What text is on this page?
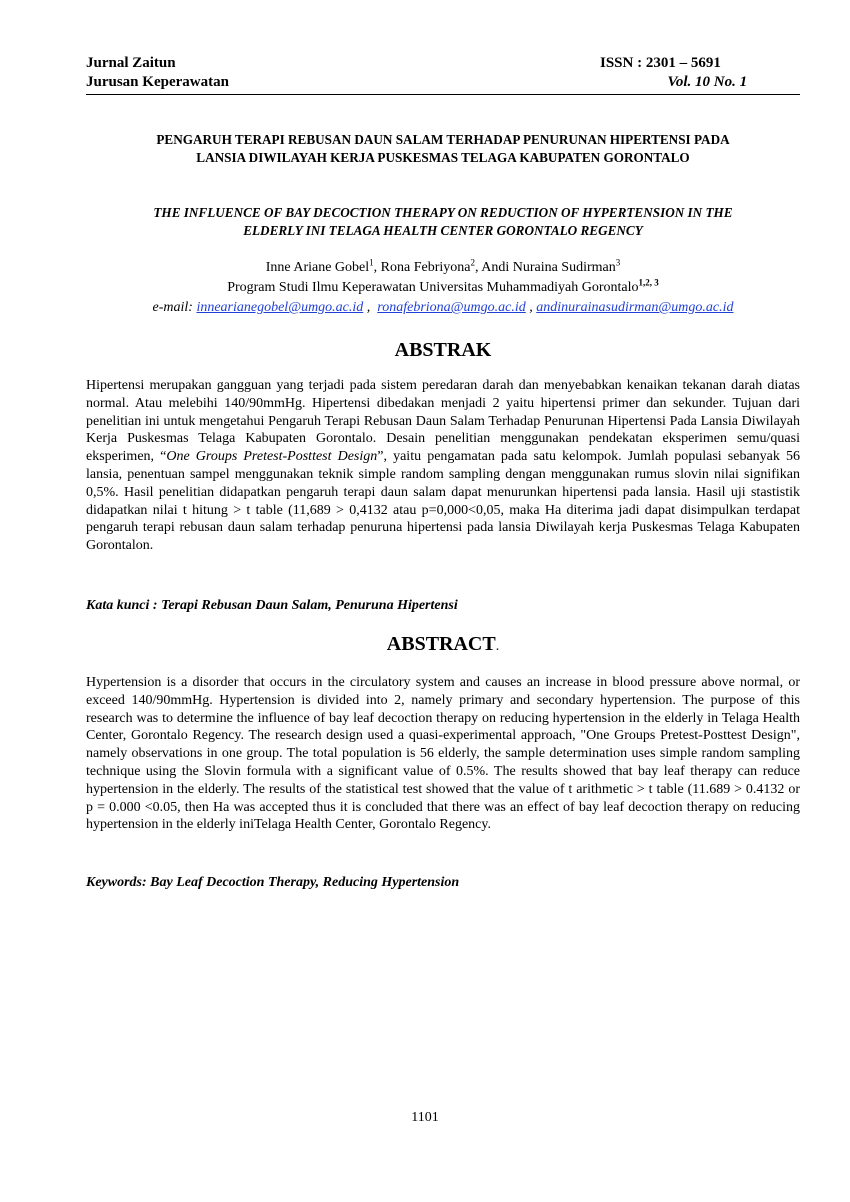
Jurnal Zaitun	ISSN : 2301 – 5691
Jurusan Keperawatan	Vol. 10 No. 1
PENGARUH TERAPI REBUSAN DAUN SALAM TERHADAP PENURUNAN HIPERTENSI PADA
LANSIA DIWILAYAH KERJA PUSKESMAS TELAGA KABUPATEN GORONTALO
THE INFLUENCE OF BAY DECOCTION THERAPY ON REDUCTION OF HYPERTENSION IN THE
ELDERLY INI TELAGA HEALTH CENTER GORONTALO REGENCY
Inne Ariane Gobel$^1$, Rona Febriyona$^2$, Andi Nuraina Sudirman$^3$
Program Studi Ilmu Keperawatan Universitas Muhammadiyah Gorontalo$^{1,2, 3}$
e-mail: innearianegobel@umgo.ac.id ,  ronafebriona@umgo.ac.id , andinurainasudirman@umgo.ac.id
ABSTRAK

Hipertensi merupakan gangguan yang terjadi pada sistem peredaran darah dan menyebabkan kenaikan tekanan darah diatas normal. Atau melebihi 140/90mmHg. Hipertensi dibedakan menjadi 2 yaitu hipertensi primer dan sekunder. Tujuan dari penelitian ini untuk mengetahui Pengaruh Terapi Rebusan Daun Salam Terhadap Penurunan Hipertensi Pada Lansia Diwilayah Kerja Puskesmas Telaga Kabupaten Gorontalo. Desain penelitian menggunakan pendekatan eksperimen semu/quasi eksperimen, “One Groups Pretest-Posttest Design”, yaitu pengamatan pada satu kelompok. Jumlah populasi sebanyak 56 lansia, penentuan sampel menggunakan teknik simple random sampling dengan menggunakan rumus slovin nilai signifikan 0,5%. Hasil penelitian didapatkan pengaruh terapi daun salam dapat menurunkan hipertensi pada lansia. Hasil uji stastistik didapatkan nilai t hitung > t table (11,689 > 0,4132 atau p=0,000<0,05, maka Ha diterima jadi dapat disimpulkan terdapat pengaruh terapi rebusan daun salam terhadap penuruna hipertensi pada lansia Diwilayah kerja Puskesmas Telaga Kabupaten Gorontalon.

Kata kunci : Terapi Rebusan Daun Salam, Penuruna Hipertensi
ABSTRACT.

Hypertension is a disorder that occurs in the circulatory system and causes an increase in blood pressure above normal, or exceed 140/90mmHg. Hypertension is divided into 2, namely primary and secondary hypertension. The purpose of this research was to determine the influence of bay leaf decoction therapy on reducing hypertension in the elderly in Telaga Health Center, Gorontalo Regency. The research design used a quasi-experimental approach, "One Groups Pretest-Posttest Design", namely observations in one group. The total population is 56 elderly, the sample determination uses simple random sampling technique using the Slovin formula with a significant value of 0.5%. The results showed that bay leaf therapy can reduce hypertension in the elderly. The results of the statistical test showed that the value of t arithmetic > t table (11.689 > 0.4132 or p = 0.000 <0.05, then Ha was accepted thus it is concluded that there was an effect of bay leaf decoction therapy on reducing hypertension in the elderly iniTelaga Health Center, Gorontalo Regency.

Keywords: Bay Leaf Decoction Therapy, Reducing Hypertension
1101
